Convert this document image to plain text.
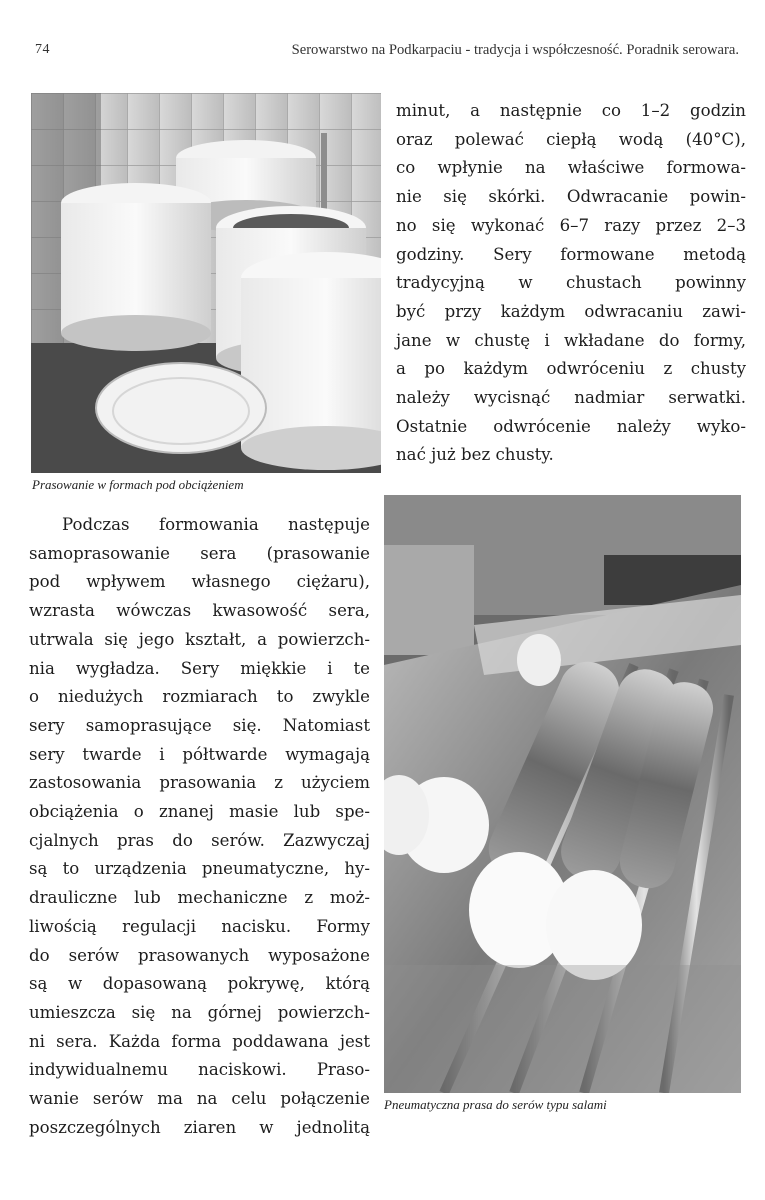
74	Serowarstwo na Podkarpaciu - tradycja i współczesność. Poradnik serowara.
Prasowanie w formach pod obciążeniem
minut, a następnie co 1–2 godzin
oraz polewać ciepłą wodą (40°C),
co wpłynie na właściwe formowa-
nie się skórki. Odwracanie powin-
no się wykonać 6–7 razy przez 2–3
godziny. Sery formowane metodą
tradycyjną w chustach powinny
być przy każdym odwracaniu zawi-
jane w chustę i wkładane do formy,
a po każdym odwróceniu z chusty
należy wycisnąć nadmiar serwatki.
Ostatnie odwrócenie należy wyko-
nać już bez chusty.
Pneumatyczna prasa do serów typu salami
Podczas formowania następuje
samoprasowanie sera (prasowanie
pod wpływem własnego ciężaru),
wzrasta wówczas kwasowość sera,
utrwala się jego kształt, a powierzch-
nia wygładza. Sery miękkie i te
o niedużych rozmiarach to zwykle
sery samoprasujące się. Natomiast
sery twarde i półtwarde wymagają
zastosowania prasowania z użyciem
obciążenia o znanej masie lub spe-
cjalnych pras do serów. Zazwyczaj
są to urządzenia pneumatyczne, hy-
drauliczne lub mechaniczne z moż-
liwością regulacji nacisku. Formy
do serów prasowanych wyposażone
są w dopasowaną pokrywę, którą
umieszcza się na górnej powierzch-
ni sera. Każda forma poddawana jest
indywidualnemu naciskowi. Praso-
wanie serów ma na celu połączenie
poszczególnych ziaren w jednolitą
